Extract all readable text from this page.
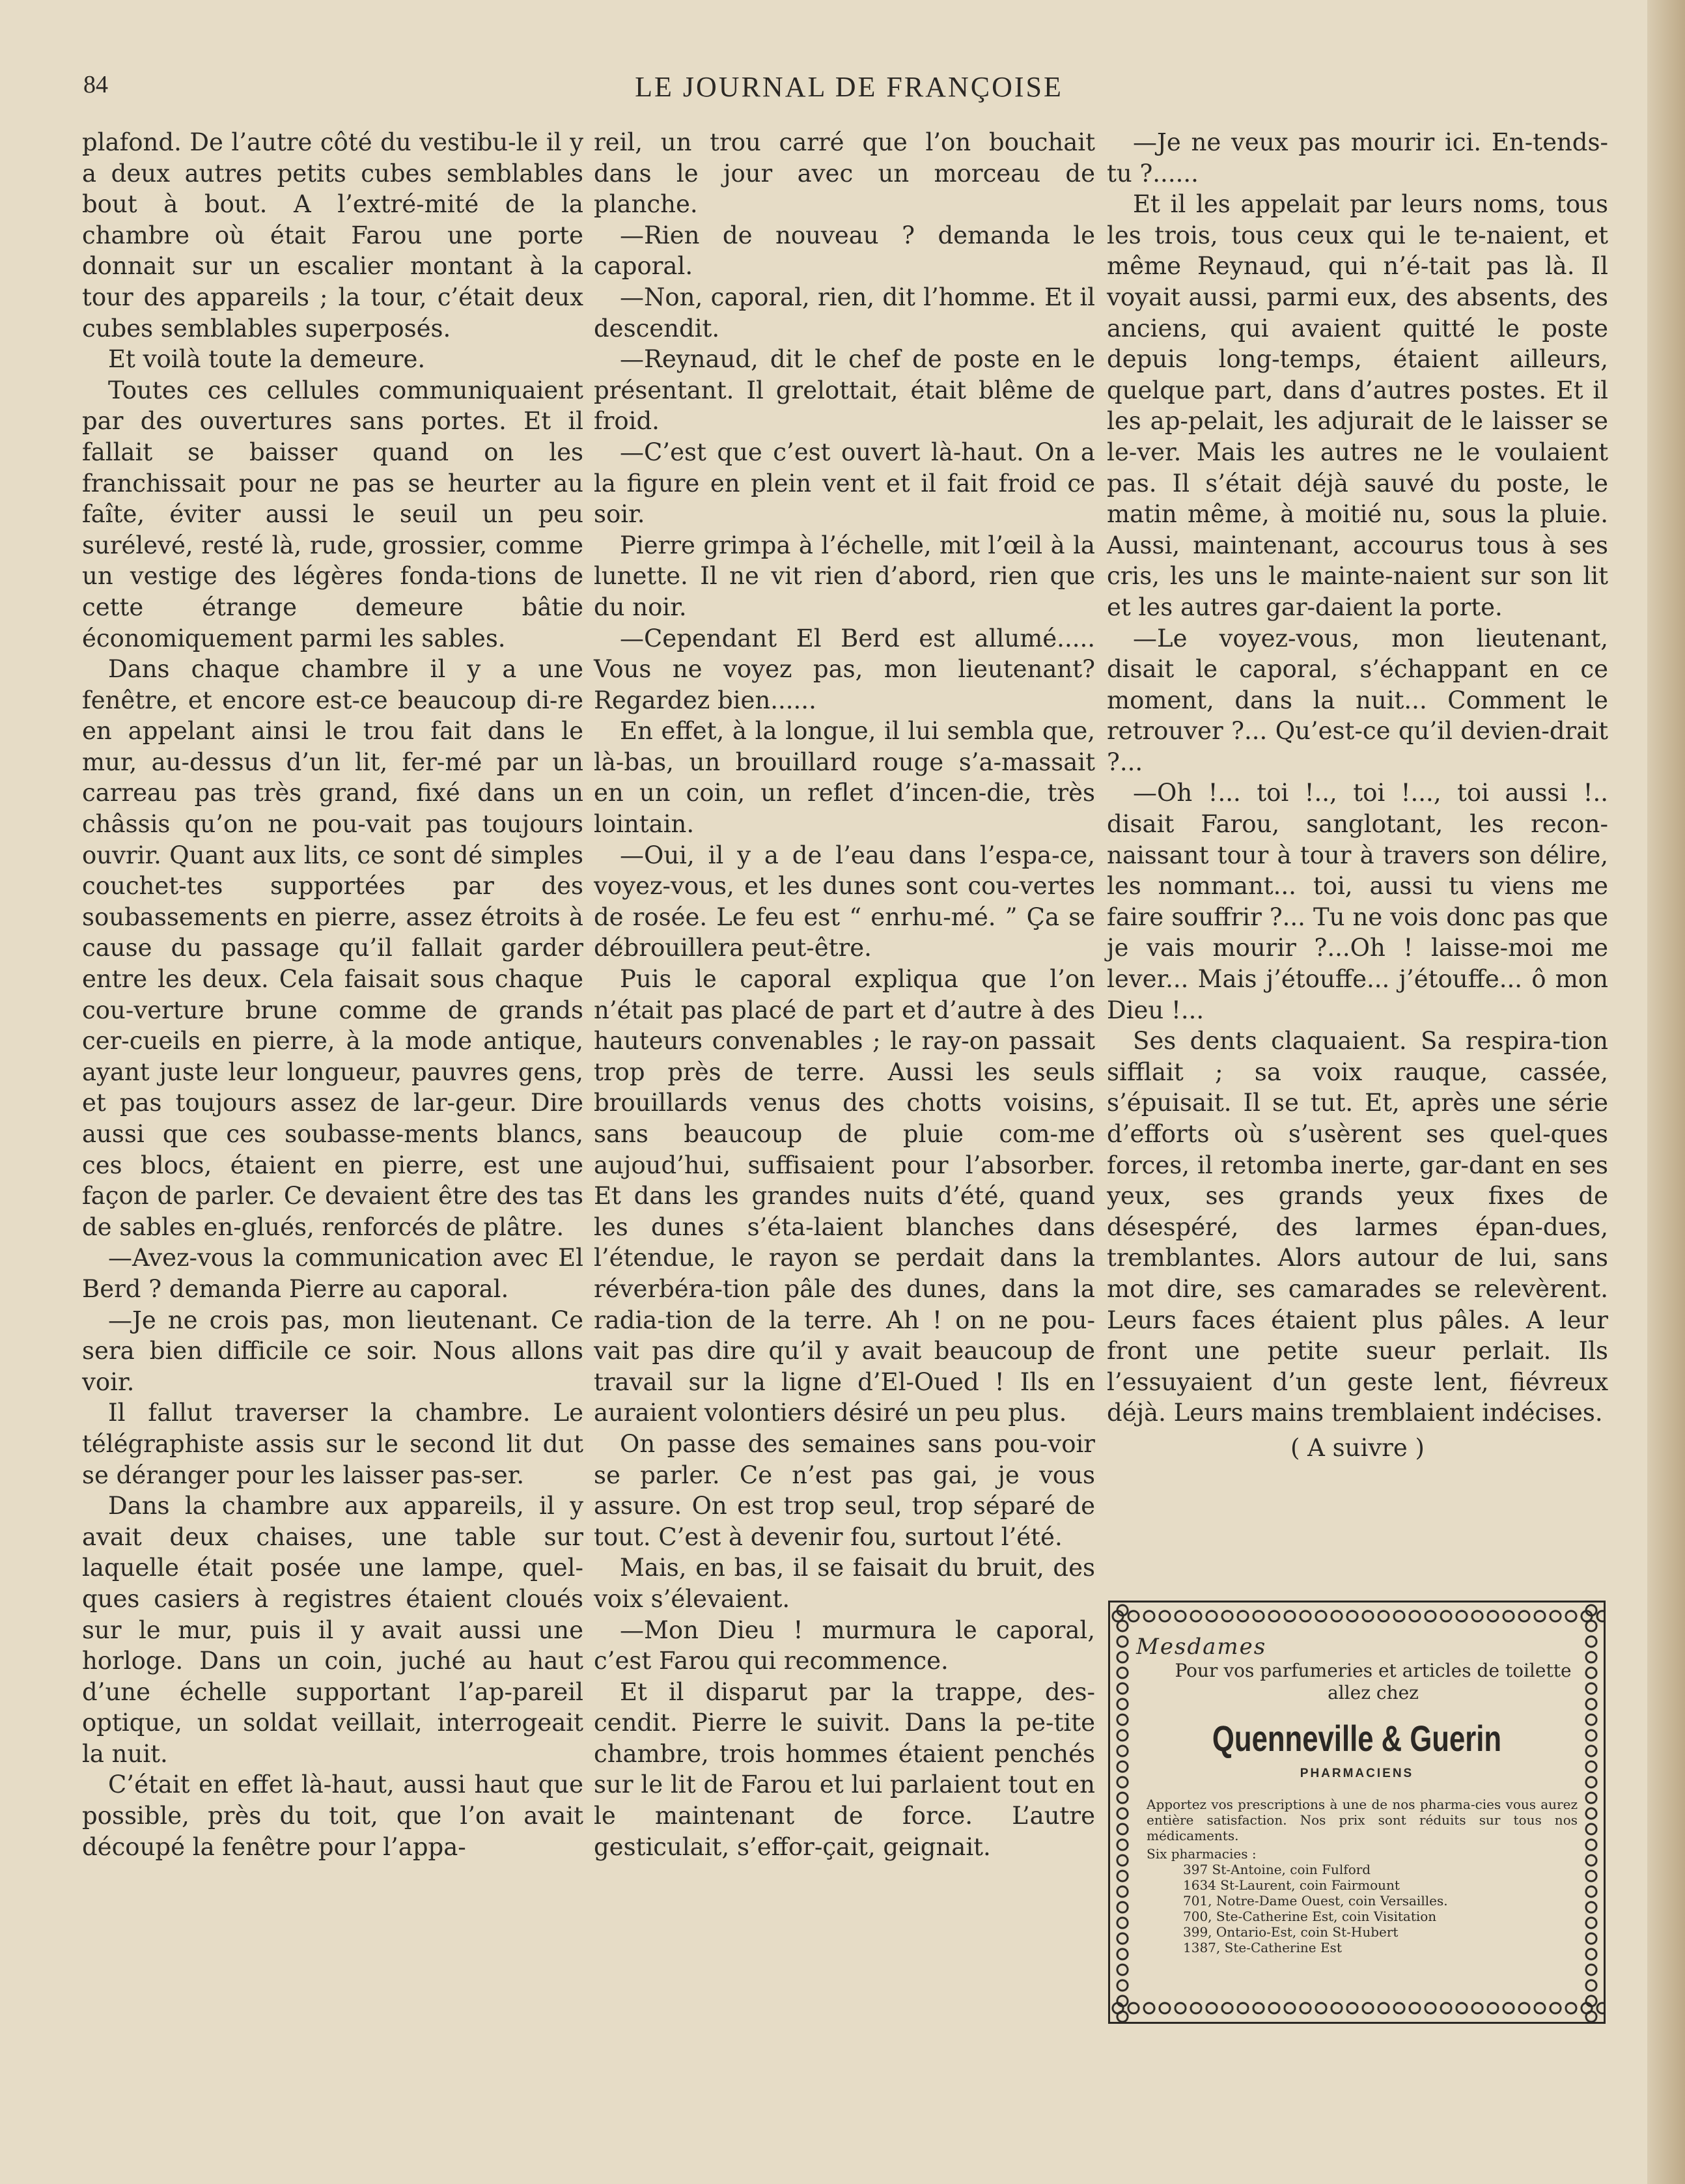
84	LE JOURNAL DE FRANÇOISE

plafond. De l’autre côté du vestibu-le il y a deux autres petits cubes semblables bout à bout. A l’extré-mité de la chambre où était Farou une porte donnait sur un escalier montant à la tour des appareils ; la tour, c’était deux cubes semblables superposés.

Et voilà toute la demeure.

Toutes ces cellules communiquaient par des ouvertures sans portes. Et il fallait se baisser quand on les franchissait pour ne pas se heurter au faîte, éviter aussi le seuil un peu surélevé, resté là, rude, grossier, comme un vestige des légères fonda-tions de cette étrange demeure bâtie économiquement parmi les sables.

Dans chaque chambre il y a une fenêtre, et encore est-ce beaucoup di-re en appelant ainsi le trou fait dans le mur, au-dessus d’un lit, fer-mé par un carreau pas très grand, fixé dans un châssis qu’on ne pou-vait pas toujours ouvrir. Quant aux lits, ce sont dé simples couchet-tes supportées par des soubassements en pierre, assez étroits à cause du passage qu’il fallait garder entre les deux. Cela faisait sous chaque cou-verture brune comme de grands cer-cueils en pierre, à la mode antique, ayant juste leur longueur, pauvres gens, et pas toujours assez de lar-geur. Dire aussi que ces soubasse-ments blancs, ces blocs, étaient en pierre, est une façon de parler. Ce devaient être des tas de sables en-glués, renforcés de plâtre.

—Avez-vous la communication avec El Berd ? demanda Pierre au caporal.

—Je ne crois pas, mon lieutenant. Ce sera bien difficile ce soir. Nous allons voir.

Il fallut traverser la chambre. Le télégraphiste assis sur le second lit dut se déranger pour les laisser pas-ser.

Dans la chambre aux appareils, il y avait deux chaises, une table sur laquelle était posée une lampe, quel-ques casiers à registres étaient cloués sur le mur, puis il y avait aussi une horloge. Dans un coin, juché au haut d’une échelle supportant l’ap-pareil optique, un soldat veillait, interrogeait la nuit.

C’était en effet là-haut, aussi haut que possible, près du toit, que l’on avait découpé la fenêtre pour l’appa-

reil, un trou carré que l’on bouchait dans le jour avec un morceau de planche.

—Rien de nouveau ? demanda le caporal.

—Non, caporal, rien, dit l’homme. Et il descendit.

—Reynaud, dit le chef de poste en le présentant. Il grelottait, était blême de froid.

—C’est que c’est ouvert là-haut. On a la figure en plein vent et il fait froid ce soir.

Pierre grimpa à l’échelle, mit l’œil à la lunette. Il ne vit rien d’abord, rien que du noir.

—Cependant El Berd est allumé..... Vous ne voyez pas, mon lieutenant? Regardez bien......

En effet, à la longue, il lui sembla que, là-bas, un brouillard rouge s’a-massait en un coin, un reflet d’incen-die, très lointain.

—Oui, il y a de l’eau dans l’espa-ce, voyez-vous, et les dunes sont cou-vertes de rosée. Le feu est “ enrhu-mé. ” Ça se débrouillera peut-être.

Puis le caporal expliqua que l’on n’était pas placé de part et d’autre à des hauteurs convenables ; le ray-on passait trop près de terre. Aussi les seuls brouillards venus des chotts voisins, sans beaucoup de pluie com-me aujoud’hui, suffisaient pour l’absorber. Et dans les grandes nuits d’été, quand les dunes s’éta-laient blanches dans l’étendue, le rayon se perdait dans la réverbéra-tion pâle des dunes, dans la radia-tion de la terre. Ah ! on ne pou-vait pas dire qu’il y avait beaucoup de travail sur la ligne d’El-Oued ! Ils en auraient volontiers désiré un peu plus.

On passe des semaines sans pou-voir se parler. Ce n’est pas gai, je vous assure. On est trop seul, trop séparé de tout. C’est à devenir fou, surtout l’été.

Mais, en bas, il se faisait du bruit, des voix s’élevaient.

—Mon Dieu ! murmura le caporal, c’est Farou qui recommence.

Et il disparut par la trappe, des-cendit. Pierre le suivit. Dans la pe-tite chambre, trois hommes étaient penchés sur le lit de Farou et lui parlaient tout en le maintenant de force. L’autre gesticulait, s’effor-çait, geignait.

—Je ne veux pas mourir ici. En-tends-tu ?......

Et il les appelait par leurs noms, tous les trois, tous ceux qui le te-naient, et même Reynaud, qui n’é-tait pas là. Il voyait aussi, parmi eux, des absents, des anciens, qui avaient quitté le poste depuis long-temps, étaient ailleurs, quelque part, dans d’autres postes. Et il les ap-pelait, les adjurait de le laisser se le-ver. Mais les autres ne le voulaient pas. Il s’était déjà sauvé du poste, le matin même, à moitié nu, sous la pluie. Aussi, maintenant, accourus tous à ses cris, les uns le mainte-naient sur son lit et les autres gar-daient la porte.

—Le voyez-vous, mon lieutenant, disait le caporal, s’échappant en ce moment, dans la nuit... Comment le retrouver ?... Qu’est-ce qu’il devien-drait ?...

—Oh !... toi !.., toi !..., toi aussi !.. disait Farou, sanglotant, les recon-naissant tour à tour à travers son délire, les nommant... toi, aussi tu viens me faire souffrir ?... Tu ne vois donc pas que je vais mourir ?...Oh ! laisse-moi me lever... Mais j’étouffe... j’étouffe... ô mon Dieu !...

Ses dents claquaient. Sa respira-tion sifflait ; sa voix rauque, cassée, s’épuisait. Il se tut. Et, après une série d’efforts où s’usèrent ses quel-ques forces, il retomba inerte, gar-dant en ses yeux, ses grands yeux fixes de désespéré, des larmes épan-dues, tremblantes. Alors autour de lui, sans mot dire, ses camarades se relevèrent. Leurs faces étaient plus pâles. A leur front une petite sueur perlait. Ils l’essuyaient d’un geste lent, fiévreux déjà. Leurs mains tremblaient indécises.

( A suivre )

Mesdames
Pour vos parfumeries et articles de toilette allez chez
Quenneville & Guerin
PHARMACIENS
Apportez vos prescriptions à une de nos pharma-cies vous aurez entière satisfaction. Nos prix sont réduits sur tous nos médicaments.
Six pharmacies :
397 St-Antoine, coin Fulford
1634 St-Laurent, coin Fairmount
701, Notre-Dame Ouest, coin Versailles.
700, Ste-Catherine Est, coin Visitation
399, Ontario-Est, coin St-Hubert
1387, Ste-Catherine Est
